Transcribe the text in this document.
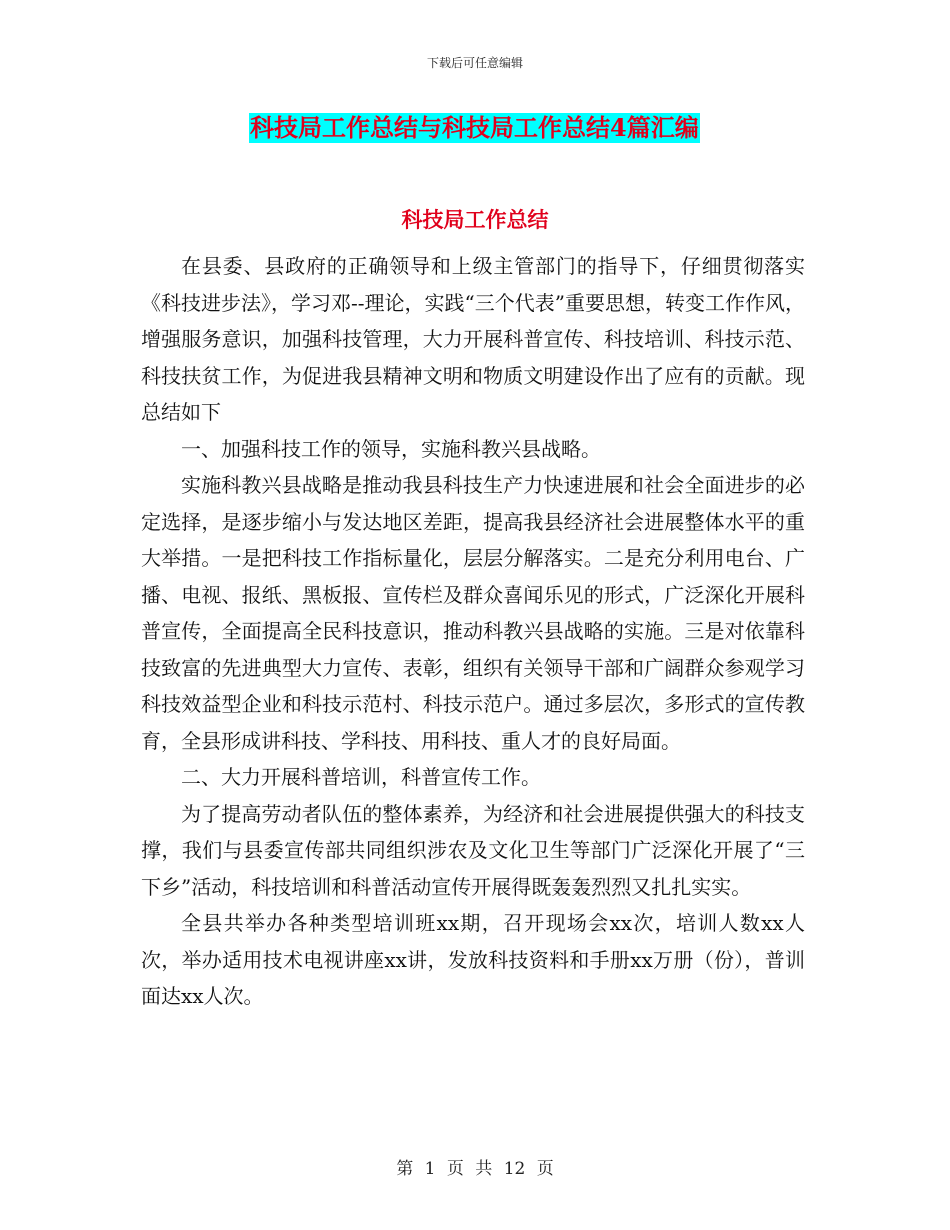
下载后可任意编辑
科技局工作总结与科技局工作总结4篇汇编
科技局工作总结

在县委、县政府的正确领导和上级主管部门的指导下，仔细贯彻落实《科技进步法》，学习邓--理论，实践“三个代表”重要思想，转变工作作风，增强服务意识，加强科技管理，大力开展科普宣传、科技培训、科技示范、科技扶贫工作，为促进我县精神文明和物质文明建设作出了应有的贡献。现总结如下

一、加强科技工作的领导，实施科教兴县战略。

实施科教兴县战略是推动我县科技生产力快速进展和社会全面进步的必定选择，是逐步缩小与发达地区差距，提高我县经济社会进展整体水平的重大举措。一是把科技工作指标量化，层层分解落实。二是充分利用电台、广播、电视、报纸、黑板报、宣传栏及群众喜闻乐见的形式，广泛深化开展科普宣传，全面提高全民科技意识，推动科教兴县战略的实施。三是对依靠科技致富的先进典型大力宣传、表彰，组织有关领导干部和广阔群众参观学习科技效益型企业和科技示范村、科技示范户。通过多层次，多形式的宣传教育，全县形成讲科技、学科技、用科技、重人才的良好局面。

二、大力开展科普培训，科普宣传工作。

为了提高劳动者队伍的整体素养，为经济和社会进展提供强大的科技支撑，我们与县委宣传部共同组织涉农及文化卫生等部门广泛深化开展了“三下乡”活动，科技培训和科普活动宣传开展得既轰轰烈烈又扎扎实实。

全县共举办各种类型培训班xx期，召开现场会xx次，培训人数xx人次，举办适用技术电视讲座xx讲，发放科技资料和手册xx万册（份），普训面达xx人次。

第 1 页 共 12 页
